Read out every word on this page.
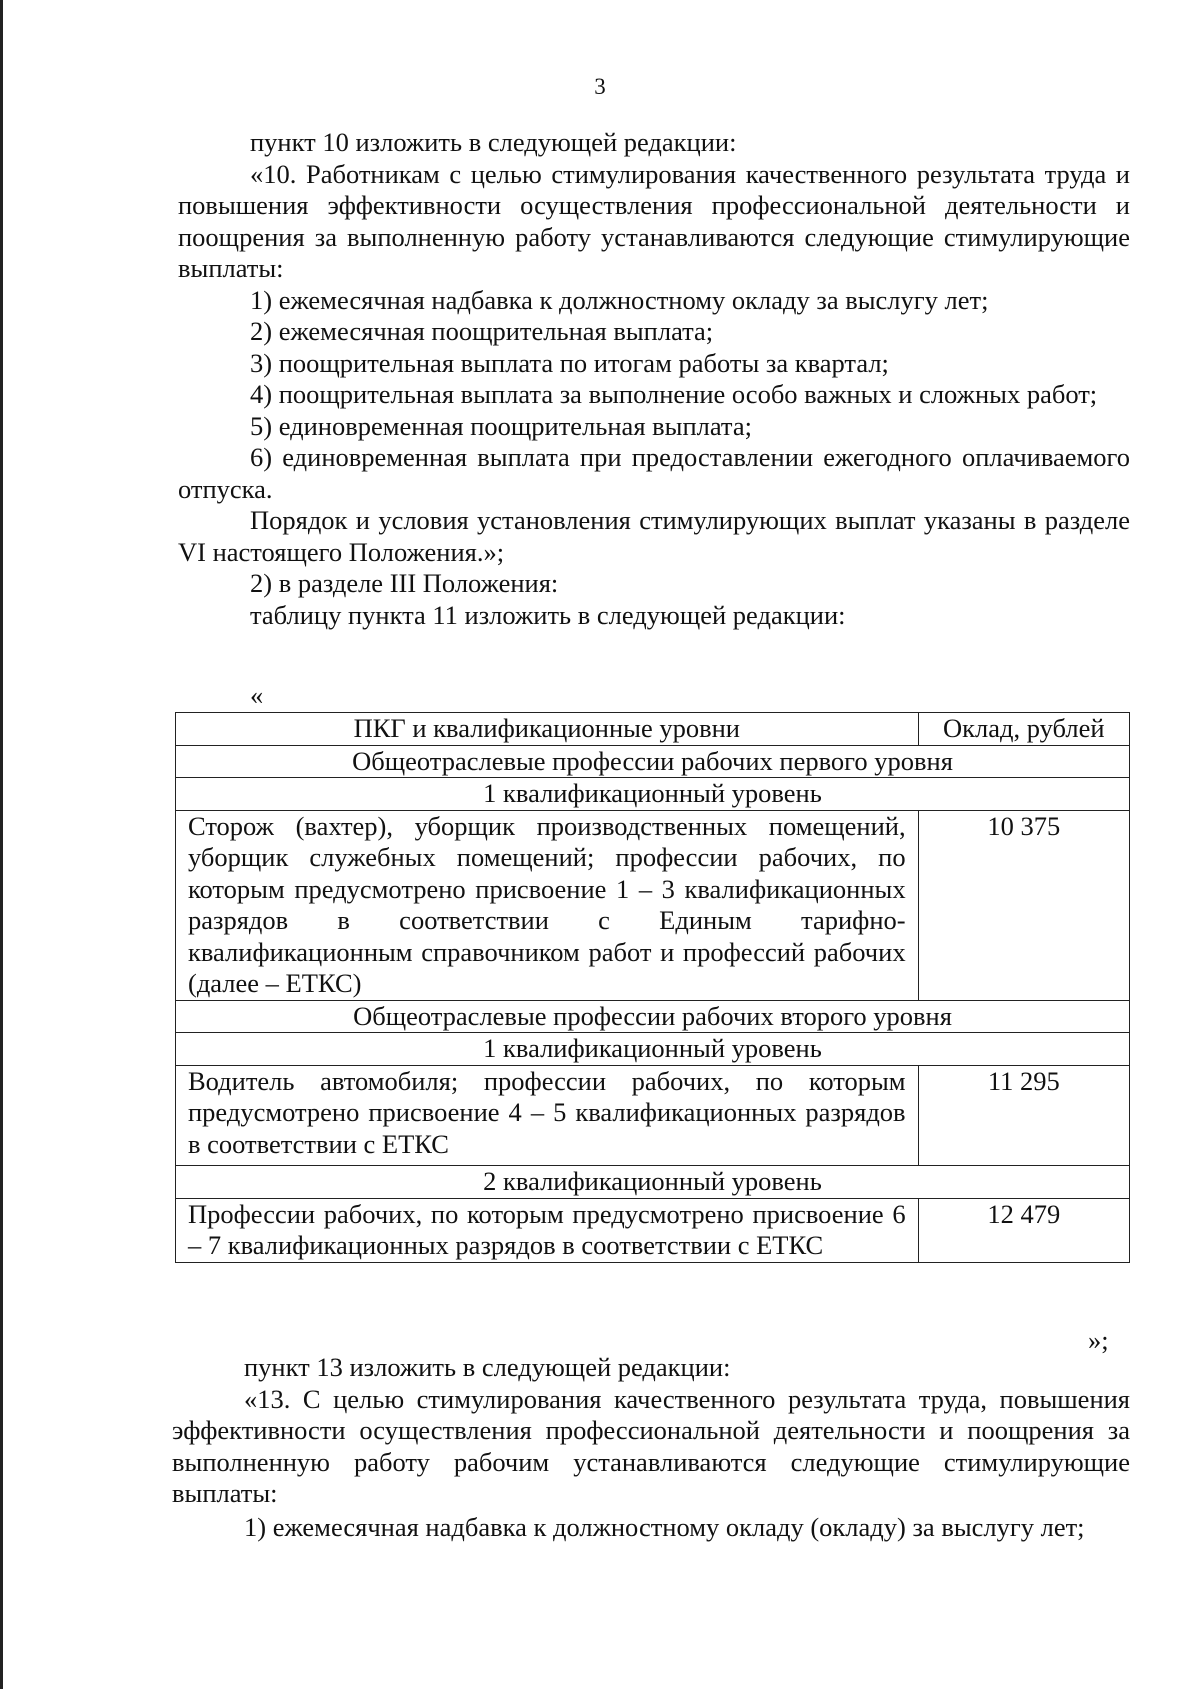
3

пункт 10 изложить в следующей редакции:

«10. Работникам с целью стимулирования качественного результата труда и повышения эффективности осуществления профессиональной деятельности и поощрения за выполненную работу устанавливаются следующие стимулирующие выплаты:

1) ежемесячная надбавка к должностному окладу за выслугу лет;

2) ежемесячная поощрительная выплата;

3) поощрительная выплата по итогам работы за квартал;

4) поощрительная выплата за выполнение особо важных и сложных работ;

5) единовременная поощрительная выплата;

6) единовременная выплата при предоставлении ежегодного оплачиваемого отпуска.

Порядок и условия установления стимулирующих выплат указаны в разделе VI настоящего Положения.»;

2) в разделе III Положения:

таблицу пункта 11 изложить в следующей редакции:

«
ПКГ и квалификационные уровни	Оклад, рублей
Общеотраслевые профессии рабочих первого уровня	
1 квалификационный уровень	
Сторож (вахтер), уборщик производственных помещений, уборщик служебных помещений; профессии рабочих, по которым предусмотрено присвоение 1 – 3 квалификационных разрядов в соответствии с Единым тарифно-квалификационным справочником работ и профессий рабочих (далее – ЕТКС)	10 375
Общеотраслевые профессии рабочих второго уровня	
1 квалификационный уровень	
Водитель автомобиля; профессии рабочих, по которым предусмотрено присвоение 4 – 5 квалификационных разрядов в соответствии с ЕТКС	11 295
2 квалификационный уровень	
Профессии рабочих, по которым предусмотрено присвоение 6 – 7 квалификационных разрядов в соответствии с ЕТКС	12 479
»;

пункт 13 изложить в следующей редакции:

«13. С целью стимулирования качественного результата труда, повышения эффективности осуществления профессиональной деятельности и поощрения за выполненную работу рабочим устанавливаются следующие стимулирующие выплаты:

1) ежемесячная надбавка к должностному окладу (окладу) за выслугу лет;
